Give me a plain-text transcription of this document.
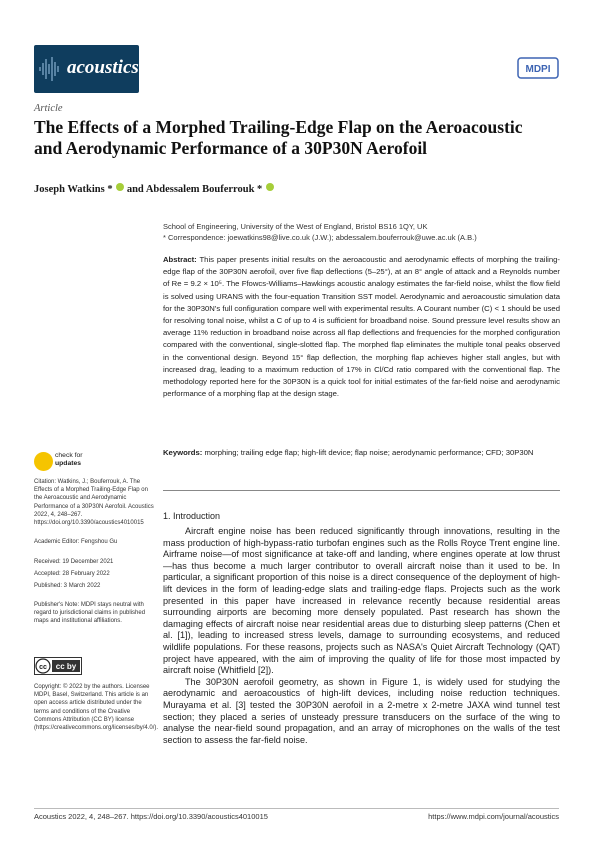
acoustics	MDPI
Article
The Effects of a Morphed Trailing-Edge Flap on the Aeroacoustic and Aerodynamic Performance of a 30P30N Aerofoil
Joseph Watkins * and Abdessalem Bouferrouk *
School of Engineering, University of the West of England, Bristol BS16 1QY, UK
* Correspondence: joewatkins98@live.co.uk (J.W.); abdessalem.bouferrouk@uwe.ac.uk (A.B.)
Abstract: This paper presents initial results on the aeroacoustic and aerodynamic effects of morphing the trailing-edge flap of the 30P30N aerofoil, over five flap deflections (5–25°), at an 8° angle of attack and a Reynolds number of Re = 9.2 × 10⁵. The Ffowcs-Williams–Hawkings acoustic analogy estimates the far-field noise, whilst the flow field is solved using URANS with the four-equation Transition SST model. Aerodynamic and aeroacoustic simulation data for the 30P30N's full configuration compare well with experimental results. A Courant number (C) < 1 should be used for resolving tonal noise, whilst a C of up to 4 is sufficient for broadband noise. Sound pressure level results show an average 11% reduction in broadband noise across all flap deflections and frequencies for the morphed configuration compared with the conventional, single-slotted flap. The morphed flap eliminates the multiple tonal peaks observed in the conventional design. Beyond 15° flap deflection, the morphing flap achieves higher stall angles, but with increased drag, leading to a maximum reduction of 17% in Cl/Cd ratio compared with the conventional flap. The methodology reported here for the 30P30N is a quick tool for initial estimates of the far-field noise and aerodynamic performance of a morphing flap at the design stage.
Keywords: morphing; trailing edge flap; high-lift device; flap noise; aerodynamic performance; CFD; 30P30N
check for
updates
Citation: Watkins, J.; Bouferrouk, A. The Effects of a Morphed Trailing-Edge Flap on the Aeroacoustic and Aerodynamic Performance of a 30P30N Aerofoil. Acoustics 2022, 4, 248–267. https://doi.org/10.3390/acoustics4010015
Academic Editor: Fengshou Gu
Received: 19 December 2021
Accepted: 28 February 2022
Published: 3 March 2022
Publisher's Note: MDPI stays neutral with regard to jurisdictional claims in published maps and institutional affiliations.
cc cc by
Copyright: © 2022 by the authors. Licensee MDPI, Basel, Switzerland. This article is an open access article distributed under the terms and conditions of the Creative Commons Attribution (CC BY) license (https://creativecommons.org/licenses/by/4.0/).
1. Introduction

Aircraft engine noise has been reduced significantly through innovations, resulting in the mass production of high-bypass-ratio turbofan engines such as the Rolls Royce Trent engine line. Airframe noise—of most significance at take-off and landing, where engines operate at low thrust—has thus become a much larger contributor to overall aircraft noise than it used to be. In particular, a significant proportion of this noise is a direct consequence of the deployment of high-lift devices in the form of leading-edge slats and trailing-edge flaps. Projects such as the work presented in this paper have increased in relevance recently because residential areas surrounding airports are becoming more densely populated. Past research has shown the damaging effects of aircraft noise near residential areas due to disturbing sleep patterns (Chen et al. [1]), leading to increased stress levels, damage to surrounding ecosystems, and reduced wildlife populations. For these reasons, projects such as NASA's Quiet Aircraft Technology (QAT) project have appeared, with the aim of improving the quality of life for those most impacted by aircraft noise (Whitfield [2]).

The 30P30N aerofoil geometry, as shown in Figure 1, is widely used for studying the aerodynamic and aeroacoustics of high-lift devices, including noise reduction techniques. Murayama et al. [3] tested the 30P30N aerofoil in a 2-metre x 2-metre JAXA wind tunnel test section; they placed a series of unsteady pressure transducers on the surface of the wing to analyse the near-field sound propagation, and an array of microphones on the walls of the test section to assess the far-field noise.

Acoustics 2022, 4, 248–267. https://doi.org/10.3390/acoustics4010015	https://www.mdpi.com/journal/acoustics
